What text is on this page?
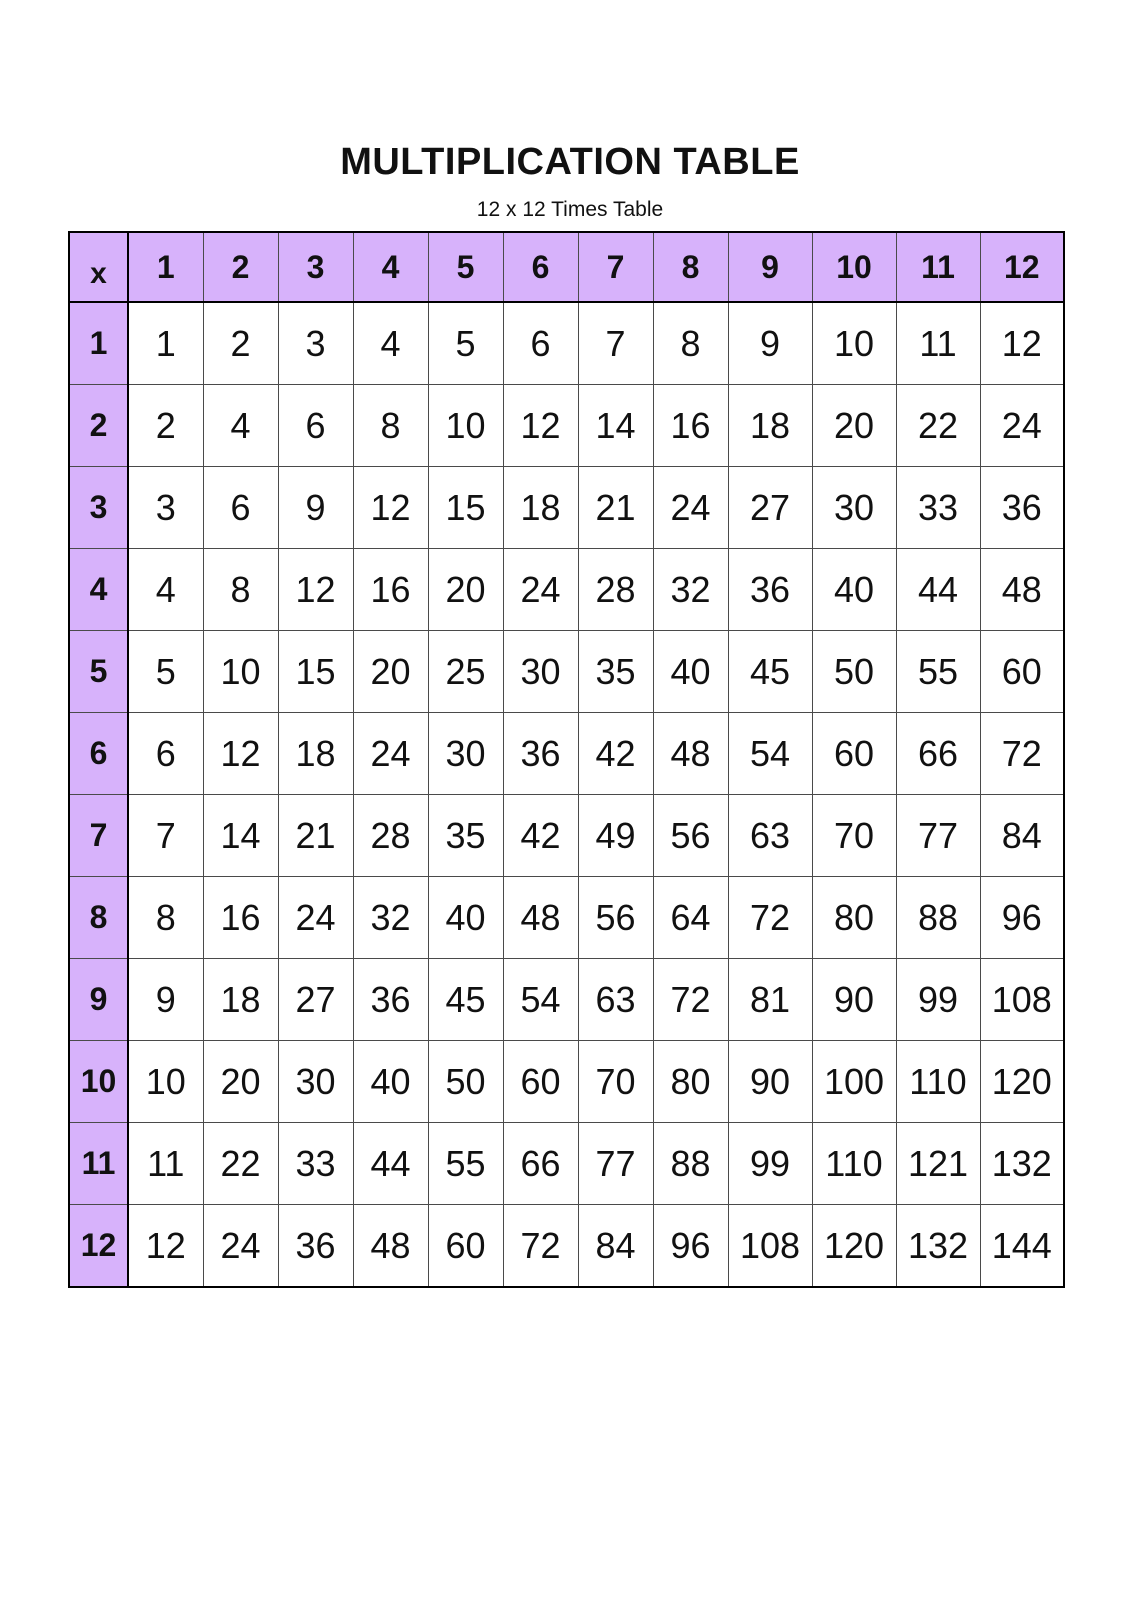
MULTIPLICATION TABLE
12 x 12 Times Table
x	1	2	3	4	5	6	7	8	9	10	11	12
1	1	2	3	4	5	6	7	8	9	10	11	12
2	2	4	6	8	10	12	14	16	18	20	22	24
3	3	6	9	12	15	18	21	24	27	30	33	36
4	4	8	12	16	20	24	28	32	36	40	44	48
5	5	10	15	20	25	30	35	40	45	50	55	60
6	6	12	18	24	30	36	42	48	54	60	66	72
7	7	14	21	28	35	42	49	56	63	70	77	84
8	8	16	24	32	40	48	56	64	72	80	88	96
9	9	18	27	36	45	54	63	72	81	90	99	108
10	10	20	30	40	50	60	70	80	90	100	110	120
11	11	22	33	44	55	66	77	88	99	110	121	132
12	12	24	36	48	60	72	84	96	108	120	132	144
